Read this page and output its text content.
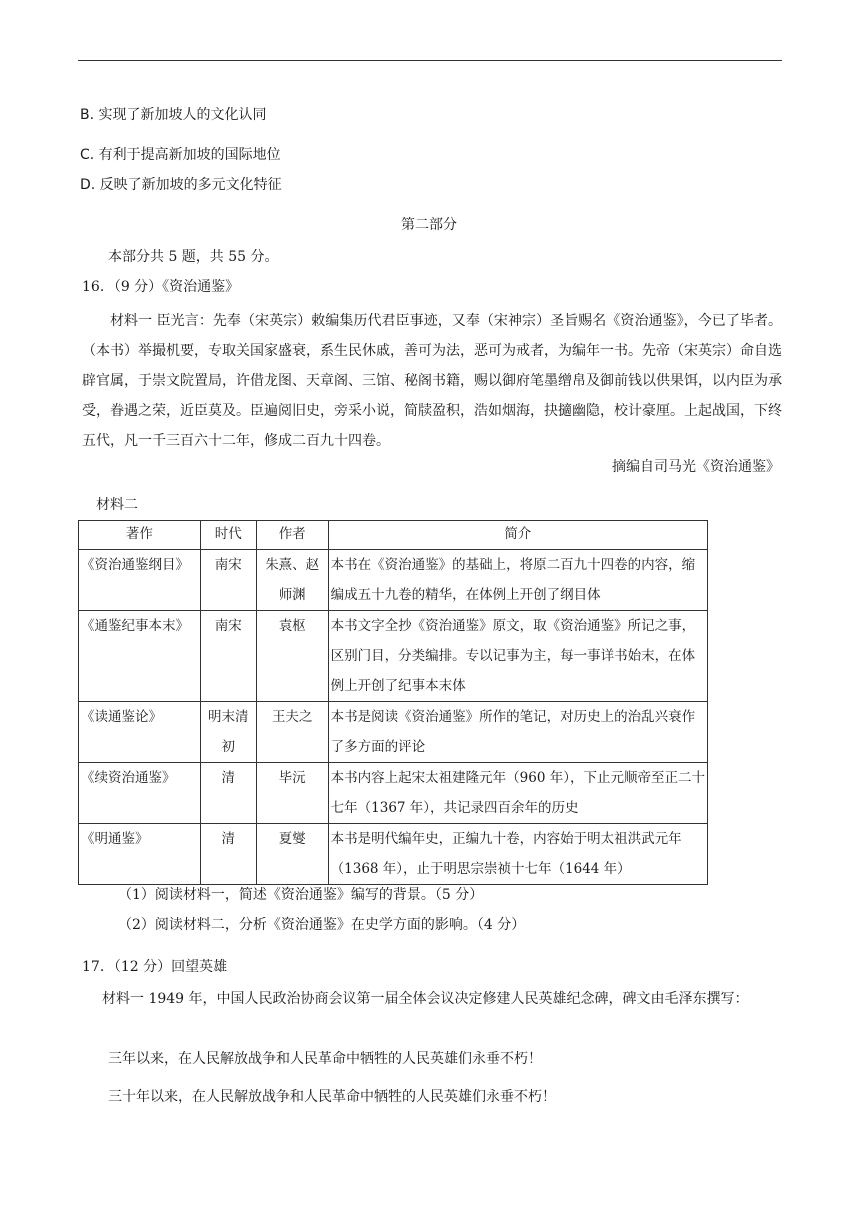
B. 实现了新加坡人的文化认同
C. 有利于提高新加坡的国际地位
D. 反映了新加坡的多元文化特征
第二部分
本部分共 5 题，共 55 分。
16．（9 分）《资治通鉴》
材料一 臣光言：先奉（宋英宗）敕编集历代君臣事迹，又奉（宋神宗）圣旨赐名《资治通鉴》，今已了毕者。（本书）举撮机要，专取关国家盛衰，系生民休戚，善可为法，恶可为戒者，为编年一书。先帝（宋英宗）命自选辟官属，于崇文院置局，许借龙图、天章阁、三馆、秘阁书籍，赐以御府笔墨缯帛及御前钱以供果饵，以内臣为承受，眷遇之荣，近臣莫及。臣遍阅旧史，旁采小说，简牍盈积，浩如烟海，抉擿幽隐，校计豪厘。上起战国，下终五代，凡一千三百六十二年，修成二百九十四卷。
摘编自司马光《资治通鉴》
材料二
著作	时代	作者	简介
《资治通鉴纲目》	南宋	朱熹、赵师渊	本书在《资治通鉴》的基础上，将原二百九十四卷的内容，缩编成五十九卷的精华，在体例上开创了纲目体
《通鉴纪事本末》	南宋	袁枢	本书文字全抄《资治通鉴》原文，取《资治通鉴》所记之事，区别门目，分类编排。专以记事为主，每一事详书始末，在体例上开创了纪事本末体
《读通鉴论》	明末清初	王夫之	本书是阅读《资治通鉴》所作的笔记，对历史上的治乱兴衰作了多方面的评论
《续资治通鉴》	清	毕沅	本书内容上起宋太祖建隆元年（960 年），下止元顺帝至正二十七年（1367 年），共记录四百余年的历史
《明通鉴》	清	夏燮	本书是明代编年史，正编九十卷，内容始于明太祖洪武元年（1368 年），止于明思宗崇祯十七年（1644 年）
（1）阅读材料一，简述《资治通鉴》编写的背景。（5 分）
（2）阅读材料二，分析《资治通鉴》在史学方面的影响。（4 分）
17．（12 分）回望英雄
材料一 1949 年，中国人民政治协商会议第一届全体会议决定修建人民英雄纪念碑，碑文由毛泽东撰写：
三年以来，在人民解放战争和人民革命中牺牲的人民英雄们永垂不朽！
三十年以来，在人民解放战争和人民革命中牺牲的人民英雄们永垂不朽！
